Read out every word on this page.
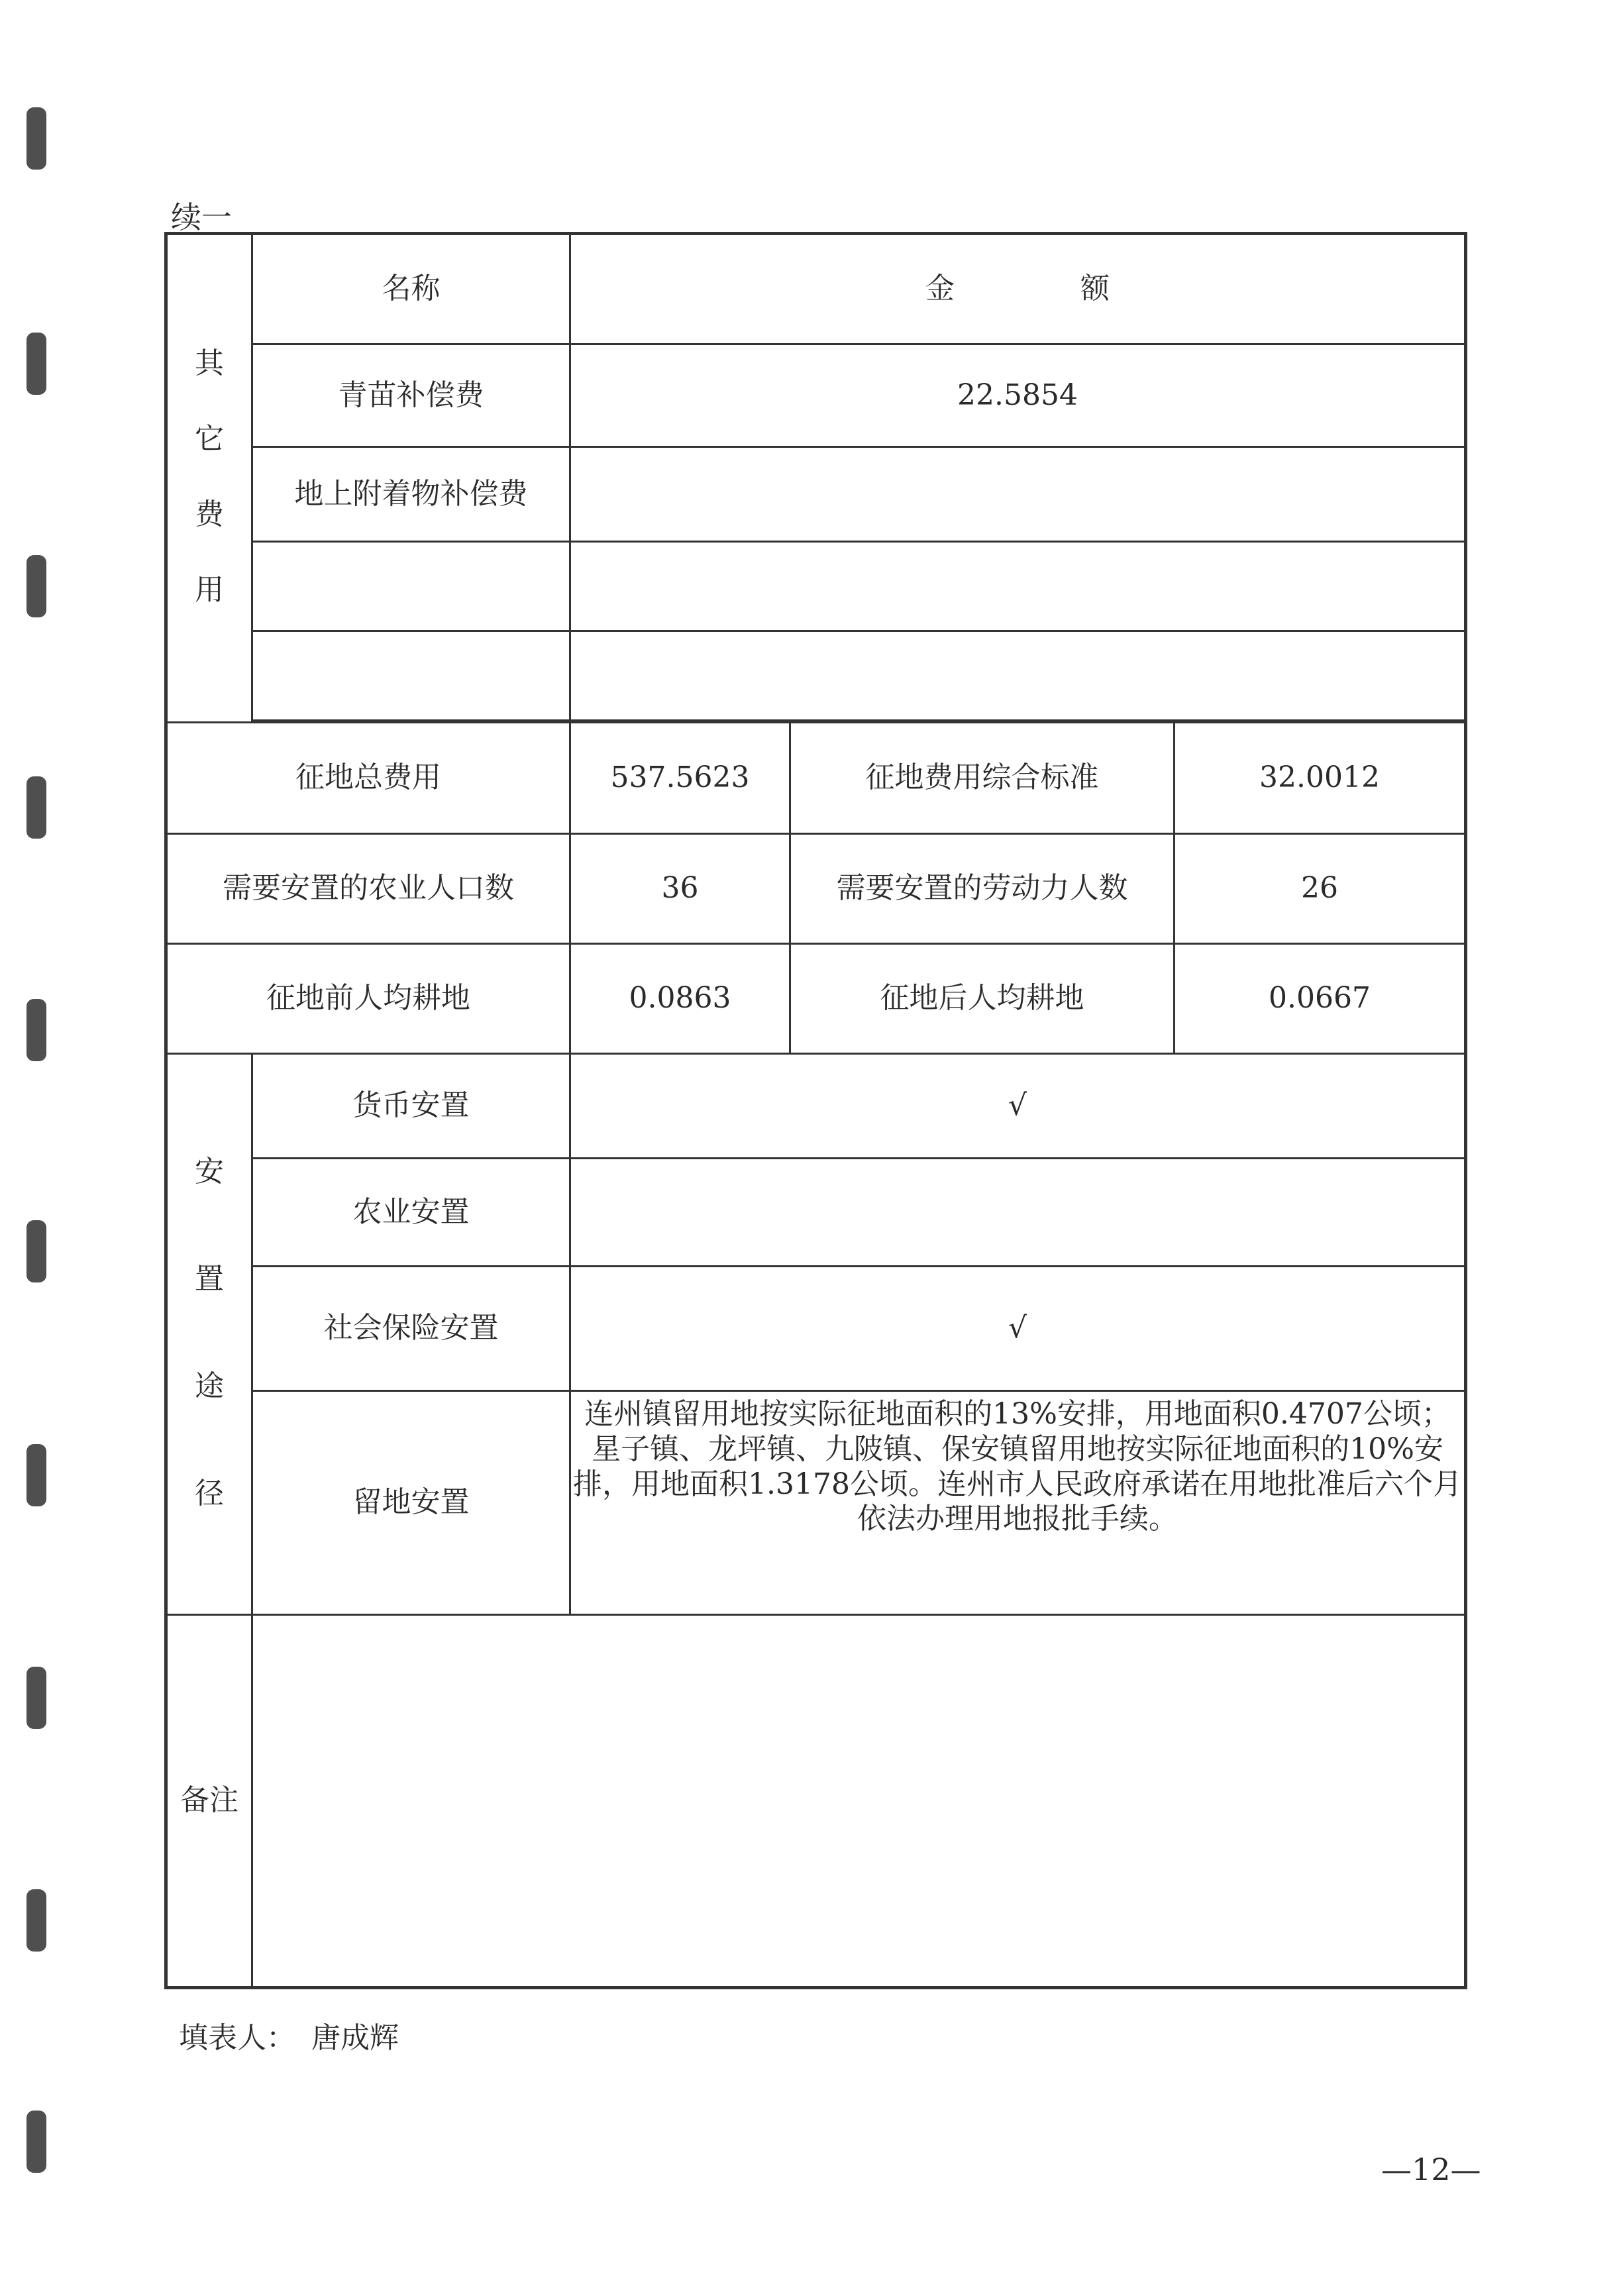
续一
其
它
费
用	名称	金 额		
	青苗补偿费	22.5854		
	地上附着物补偿费			

征地总费用		537.5623	征地费用综合标准	32.0012
需要安置的农业人口数		36	需要安置的劳动力人数	26
征地前人均耕地		0.0863	征地后人均耕地	0.0667

安
置
途
径	货币安置	√		
	农业安置			
	社会保险安置	√		
	留地安置	连州镇留用地按实际征地面积的13%安排，用地面积0.4707公顷；星子镇、龙坪镇、九陂镇、保安镇留用地按实际征地面积的10%安排，用地面积1.3178公顷。连州市人民政府承诺在用地批准后六个月依法办理用地报批手续。		
备注				
填表人： 唐成辉
—12—
